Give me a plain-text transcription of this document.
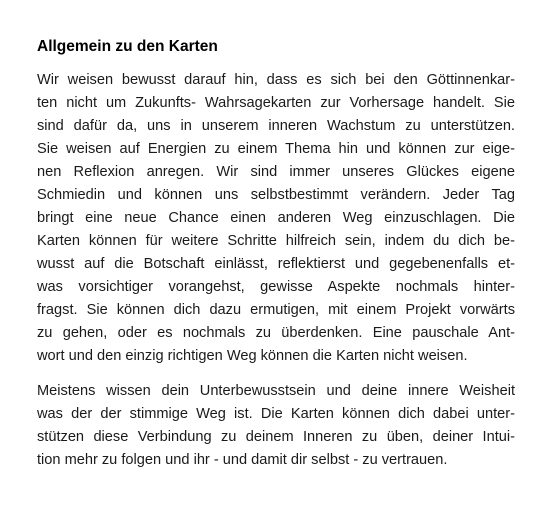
Allgemein zu den Karten

Wir weisen bewusst darauf hin, dass es sich bei den Göttinnenkar-
ten nicht um Zukunfts- Wahrsagekarten zur Vorhersage handelt. Sie
sind dafür da, uns in unserem inneren Wachstum zu unterstützen.
Sie weisen auf Energien zu einem Thema hin und können zur eige-
nen Reflexion anregen. Wir sind immer unseres Glückes eigene
Schmiedin und können uns selbstbestimmt verändern. Jeder Tag
bringt eine neue Chance einen anderen Weg einzuschlagen. Die
Karten können für weitere Schritte hilfreich sein, indem du dich be-
wusst auf die Botschaft einlässt, reflektierst und gegebenenfalls et-
was vorsichtiger vorangehst, gewisse Aspekte nochmals hinter-
fragst. Sie können dich dazu ermutigen, mit einem Projekt vorwärts
zu gehen, oder es nochmals zu überdenken. Eine pauschale Ant-
wort und den einzig richtigen Weg können die Karten nicht weisen.

Meistens wissen dein Unterbewusstsein und deine innere Weisheit
was der der stimmige Weg ist. Die Karten können dich dabei unter-
stützen diese Verbindung zu deinem Inneren zu üben, deiner Intui-
tion mehr zu folgen und ihr - und damit dir selbst - zu vertrauen.
